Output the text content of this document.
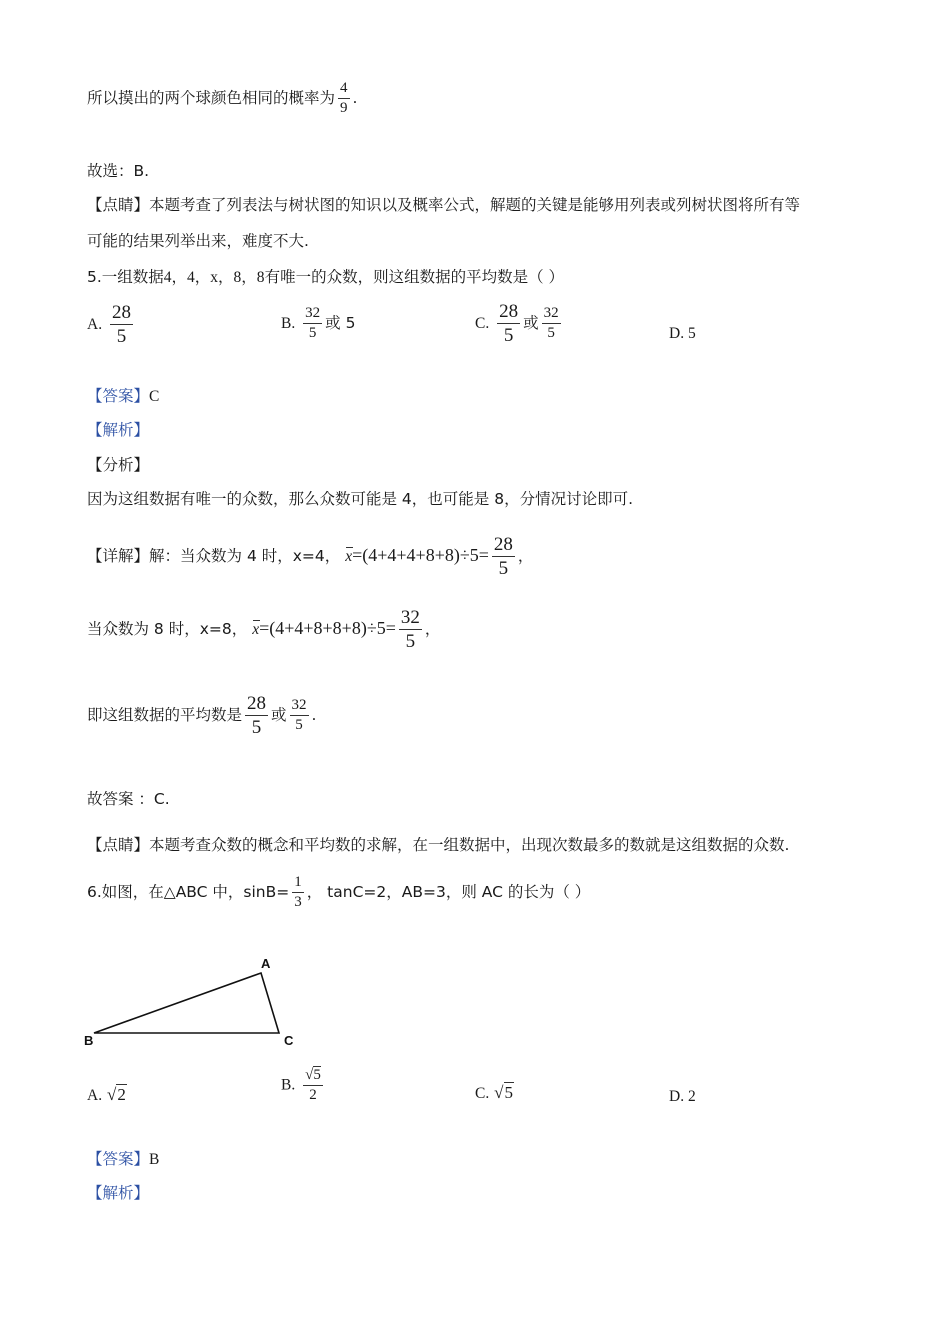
所以摸出的两个球颜色相同的概率为 $\frac{4}{9}$ .
故选：B.
【点睛】本题考查了列表法与树状图的知识以及概率公式，解题的关键是能够用列表或列树状图将所有等
可能的结果列举出来，难度不大.
5.一组数据4，4，x，8，8有唯一的众数，则这组数据的平均数是（ ）
A. $\frac{28}{5}$	B. $\frac{32}{5}$ 或 5	C. $\frac{28}{5}$ 或 $\frac{32}{5}$	D. 5
【答案】C
【解析】
【分析】
因为这组数据有唯一的众数，那么众数可能是 4，也可能是 8，分情况讨论即可.
【详解】解：当众数为 4 时，x=4， $x=(4+4+4+8+8)\div 5= \frac{28}{5}$ ，
当众数为 8 时，x=8， $x=(4+4+8+8+8)\div 5= \frac{32}{5}$ ，
即这组数据的平均数是 $\frac{28}{5}$ 或 $\frac{32}{5}$ .
故答案 ：C.
【点睛】本题考查众数的概念和平均数的求解，在一组数据中，出现次数最多的数就是这组数据的众数.
6.如图，在△ABC 中，$\sin B= \frac{1}{3}$ ， tanC=2，AB=3，则 AC 的长为（ ）
A
B	C
A. √2	B. $\frac{√5}{2}$	C. √5	D. 2
【答案】B
【解析】
